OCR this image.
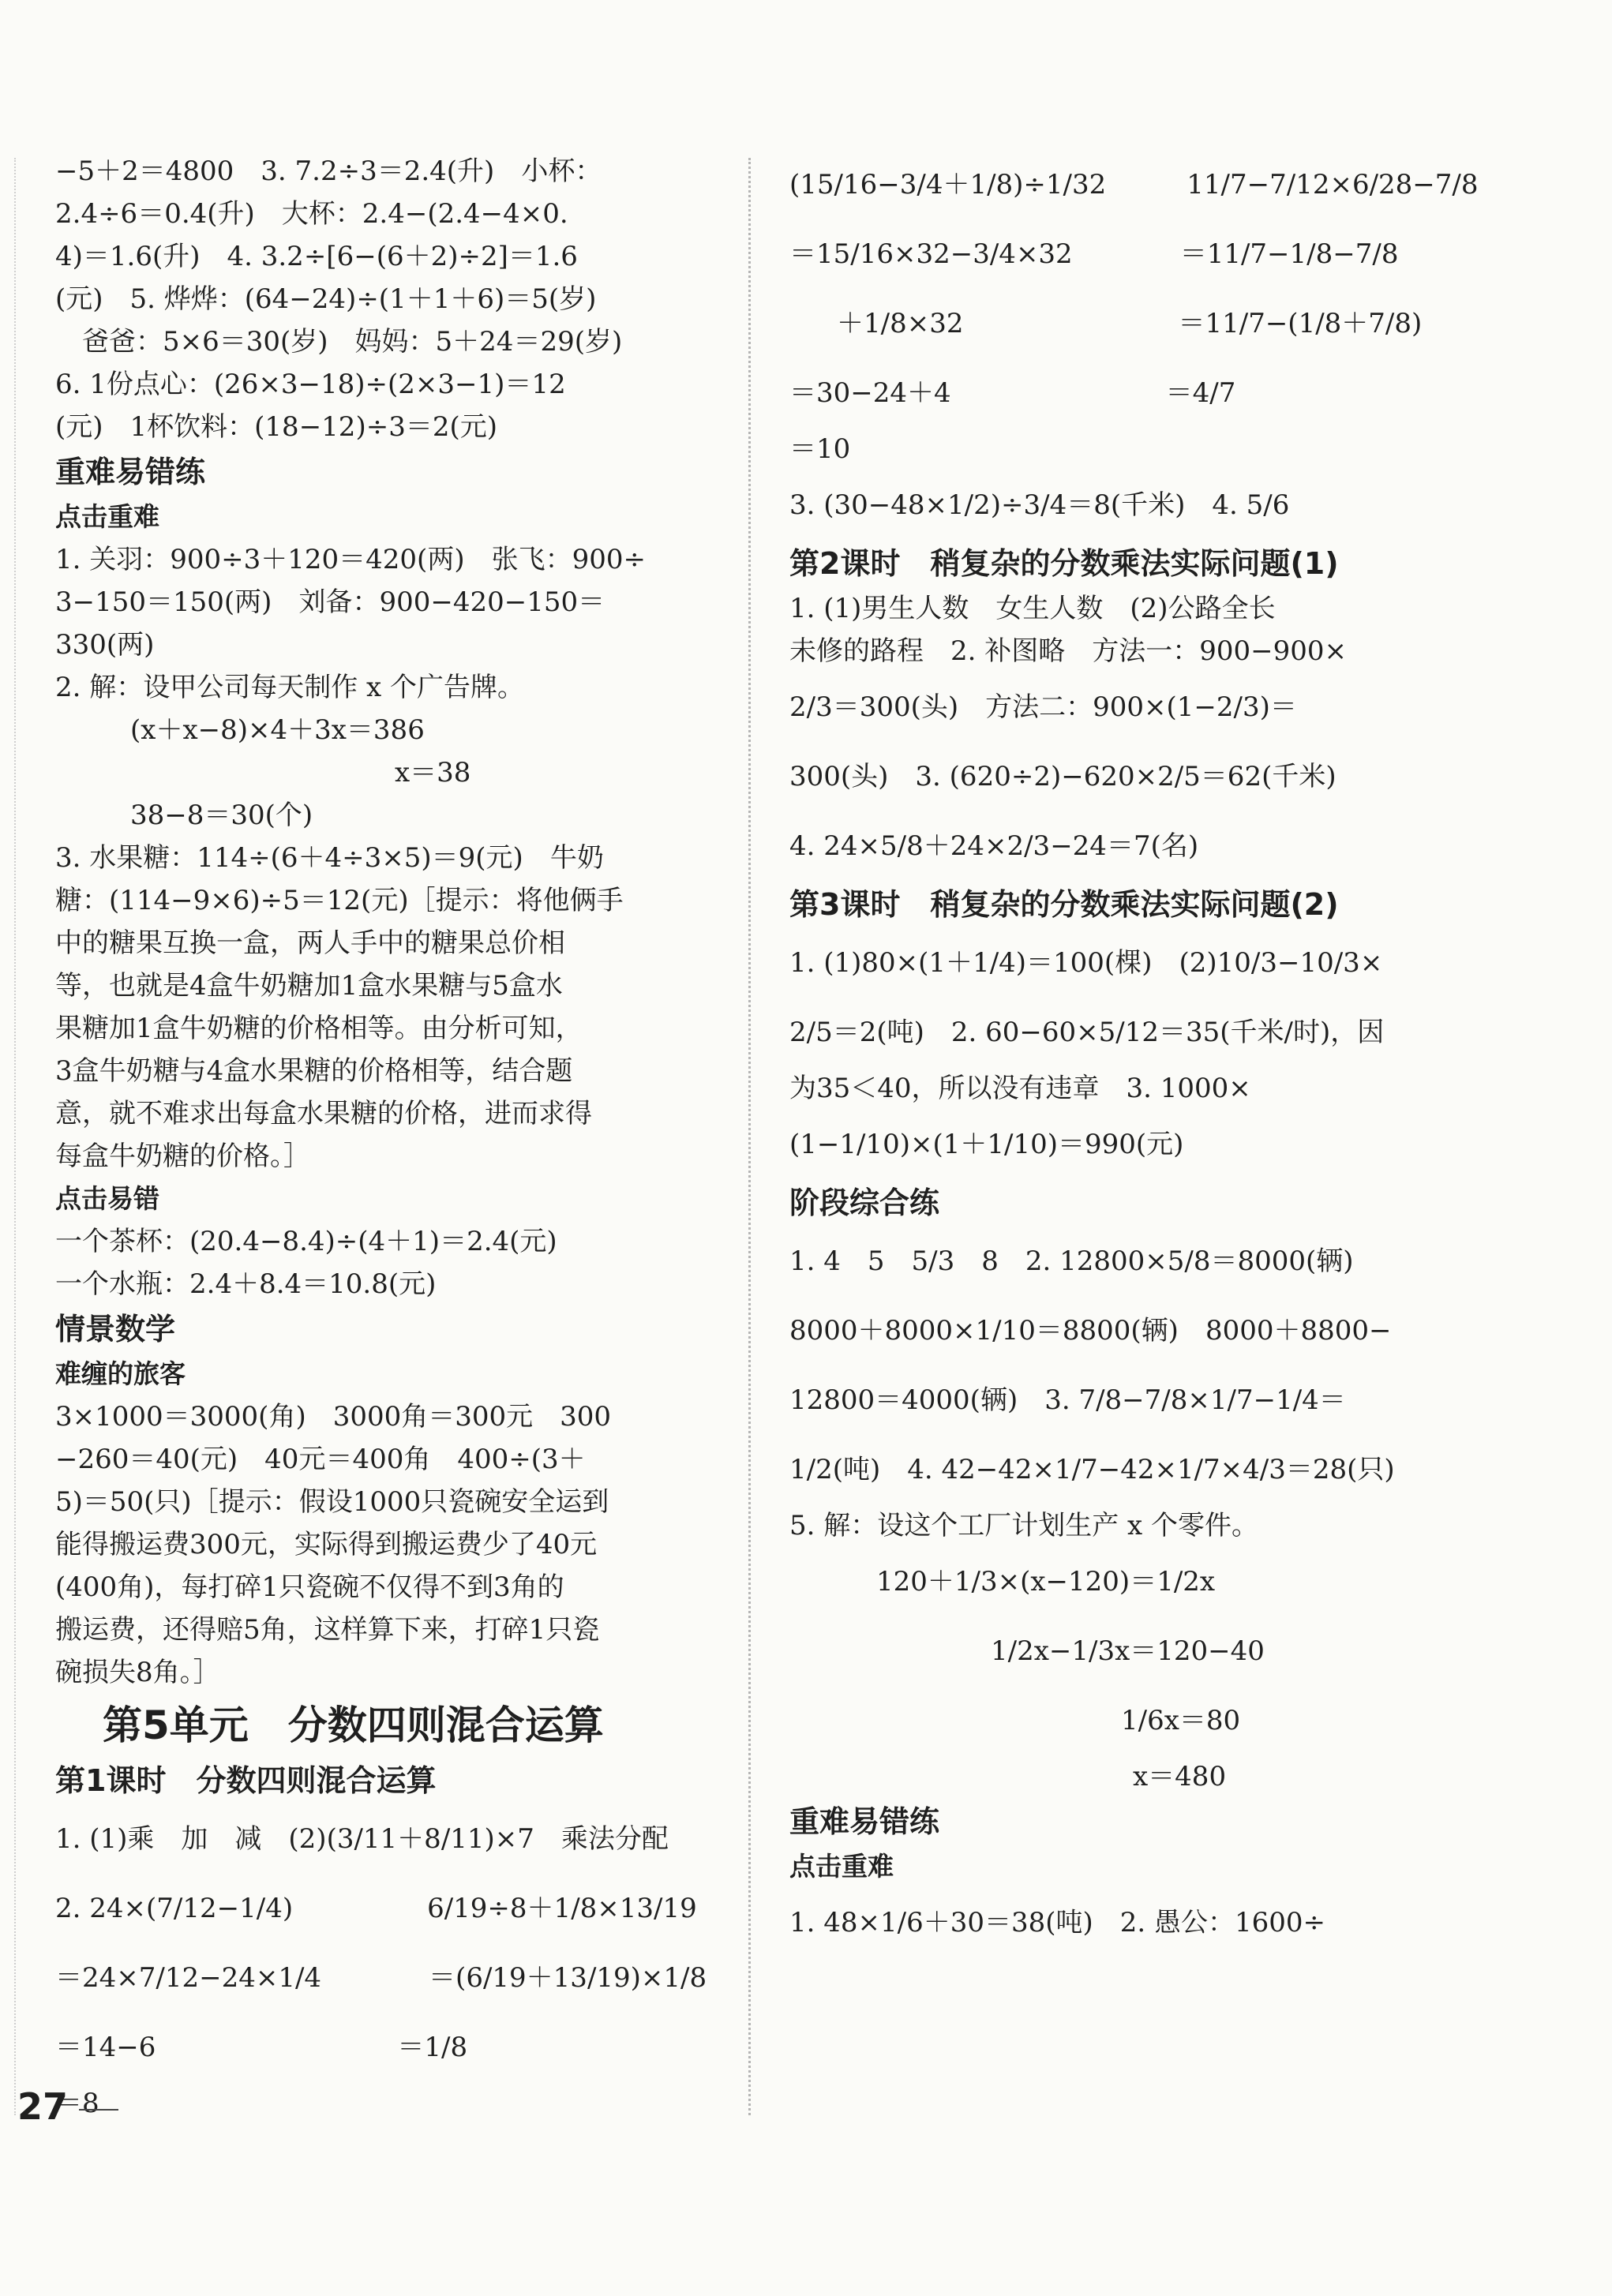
−5＋2＝4800　3. 7.2÷3＝2.4(升)　小杯：
2.4÷6＝0.4(升)　大杯：2.4−(2.4−4×0.
4)＝1.6(升)　4. 3.2÷[6−(6＋2)÷2]＝1.6
(元)　5. 烨烨：(64−24)÷(1＋1＋6)＝5(岁)
　爸爸：5×6＝30(岁)　妈妈：5＋24＝29(岁)
6. 1份点心：(26×3−18)÷(2×3−1)＝12
(元)　1杯饮料：(18−12)÷3＝2(元)
重难易错练
点击重难
1. 关羽：900÷3＋120＝420(两)　张飞：900÷
3−150＝150(两)　刘备：900−420−150＝
330(两)
2. 解：设甲公司每天制作 x 个广告牌。
(x＋x−8)×4＋3x＝386
x＝38
38−8＝30(个)
3. 水果糖：114÷(6＋4÷3×5)＝9(元)　牛奶
糖：(114−9×6)÷5＝12(元)［提示：将他俩手
中的糖果互换一盒，两人手中的糖果总价相
等，也就是4盒牛奶糖加1盒水果糖与5盒水
果糖加1盒牛奶糖的价格相等。由分析可知，
3盒牛奶糖与4盒水果糖的价格相等，结合题
意，就不难求出每盒水果糖的价格，进而求得
每盒牛奶糖的价格。］
点击易错
一个茶杯：(20.4−8.4)÷(4＋1)＝2.4(元)
一个水瓶：2.4＋8.4＝10.8(元)
情景数学
难缠的旅客
3×1000＝3000(角)　3000角＝300元　300
−260＝40(元)　40元＝400角　400÷(3＋
5)＝50(只)［提示：假设1000只瓷碗安全运到
能得搬运费300元，实际得到搬运费少了40元
(400角)，每打碎1只瓷碗不仅得不到3角的
搬运费，还得赔5角，这样算下来，打碎1只瓷
碗损失8角。］
第5单元　分数四则混合运算
第1课时　分数四则混合运算
1. (1)乘　加　减　(2)(3/11＋8/11)×7　乘法分配
2. 24×(7/12−1/4)　　　　　6/19÷8＋1/8×13/19
＝24×7/12−24×1/4　　　　＝(6/19＋13/19)×1/8
＝14−6　　　　　　　　　＝1/8
＝8
(15/16−3/4＋1/8)÷1/32　　　11/7−7/12×6/28−7/8
＝15/16×32−3/4×32　　　　＝11/7−1/8−7/8
＋1/8×32　　　　　　　　＝11/7−(1/8＋7/8)
＝30−24＋4　　　　　　　　＝4/7
＝10
3. (30−48×1/2)÷3/4＝8(千米)　4. 5/6
第2课时　稍复杂的分数乘法实际问题(1)
1. (1)男生人数　女生人数　(2)公路全长
未修的路程　2. 补图略　方法一：900−900×
2/3＝300(头)　方法二：900×(1−2/3)＝
300(头)　3. (620÷2)−620×2/5＝62(千米)
4. 24×5/8＋24×2/3−24＝7(名)
第3课时　稍复杂的分数乘法实际问题(2)
1. (1)80×(1＋1/4)＝100(棵)　(2)10/3−10/3×
2/5＝2(吨)　2. 60−60×5/12＝35(千米/时)，因
为35＜40，所以没有违章　3. 1000×
(1−1/10)×(1＋1/10)＝990(元)
阶段综合练
1. 4　5　5/3　8　2. 12800×5/8＝8000(辆)
8000＋8000×1/10＝8800(辆)　8000＋8800−
12800＝4000(辆)　3. 7/8−7/8×1/7−1/4＝
1/2(吨)　4. 42−42×1/7−42×1/7×4/3＝28(只)
5. 解：设这个工厂计划生产 x 个零件。
120＋1/3×(x−120)＝1/2x
1/2x−1/3x＝120−40
1/6x＝80
x＝480
重难易错练
点击重难
1. 48×1/6＋30＝38(吨)　2. 愚公：1600÷
27
